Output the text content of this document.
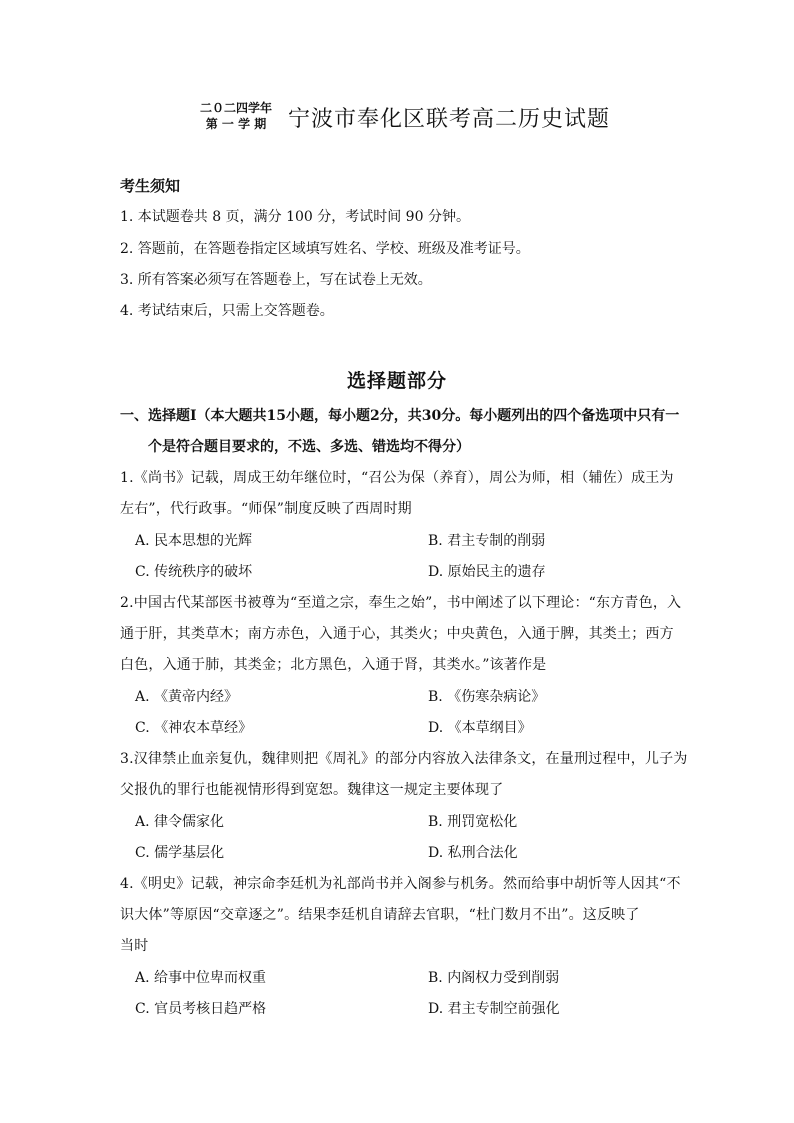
二０二四学年
第 一 学 期 宁波市奉化区联考高二历史试题
考生须知
1. 本试题卷共 8 页，满分 100 分，考试时间 90 分钟。
2. 答题前，在答题卷指定区域填写姓名、学校、班级及准考证号。
3. 所有答案必须写在答题卷上，写在试卷上无效。
4. 考试结束后，只需上交答题卷。
选择题部分
一、选择题Ⅰ（本大题共15小题，每小题2分，共30分。每小题列出的四个备选项中只有一
个是符合题目要求的，不选、多选、错选均不得分）
1.《尚书》记载，周成王幼年继位时，“召公为保（养育），周公为师，相（辅佐）成王为
左右”，代行政事。“师保”制度反映了西周时期
A. 民本思想的光辉	B. 君主专制的削弱
C. 传统秩序的破坏	D. 原始民主的遗存
2.中国古代某部医书被尊为“至道之宗，奉生之始”，书中阐述了以下理论：“东方青色，入
通于肝，其类草木；南方赤色，入通于心，其类火；中央黄色，入通于脾，其类土；西方
白色，入通于肺，其类金；北方黑色，入通于肾，其类水。”该著作是
A. 《黄帝内经》	B. 《伤寒杂病论》
C. 《神农本草经》	D. 《本草纲目》
3.汉律禁止血亲复仇，魏律则把《周礼》的部分内容放入法律条文，在量刑过程中，儿子为
父报仇的罪行也能视情形得到宽恕。魏律这一规定主要体现了
A. 律令儒家化	B. 刑罚宽松化
C. 儒学基层化	D. 私刑合法化
4.《明史》记载，神宗命李廷机为礼部尚书并入阁参与机务。然而给事中胡忻等人因其“不
识大体”等原因“交章逐之”。结果李廷机自请辞去官职，“杜门数月不出”。这反映了
当时
A. 给事中位卑而权重	B. 内阁权力受到削弱
C. 官员考核日趋严格	D. 君主专制空前强化
